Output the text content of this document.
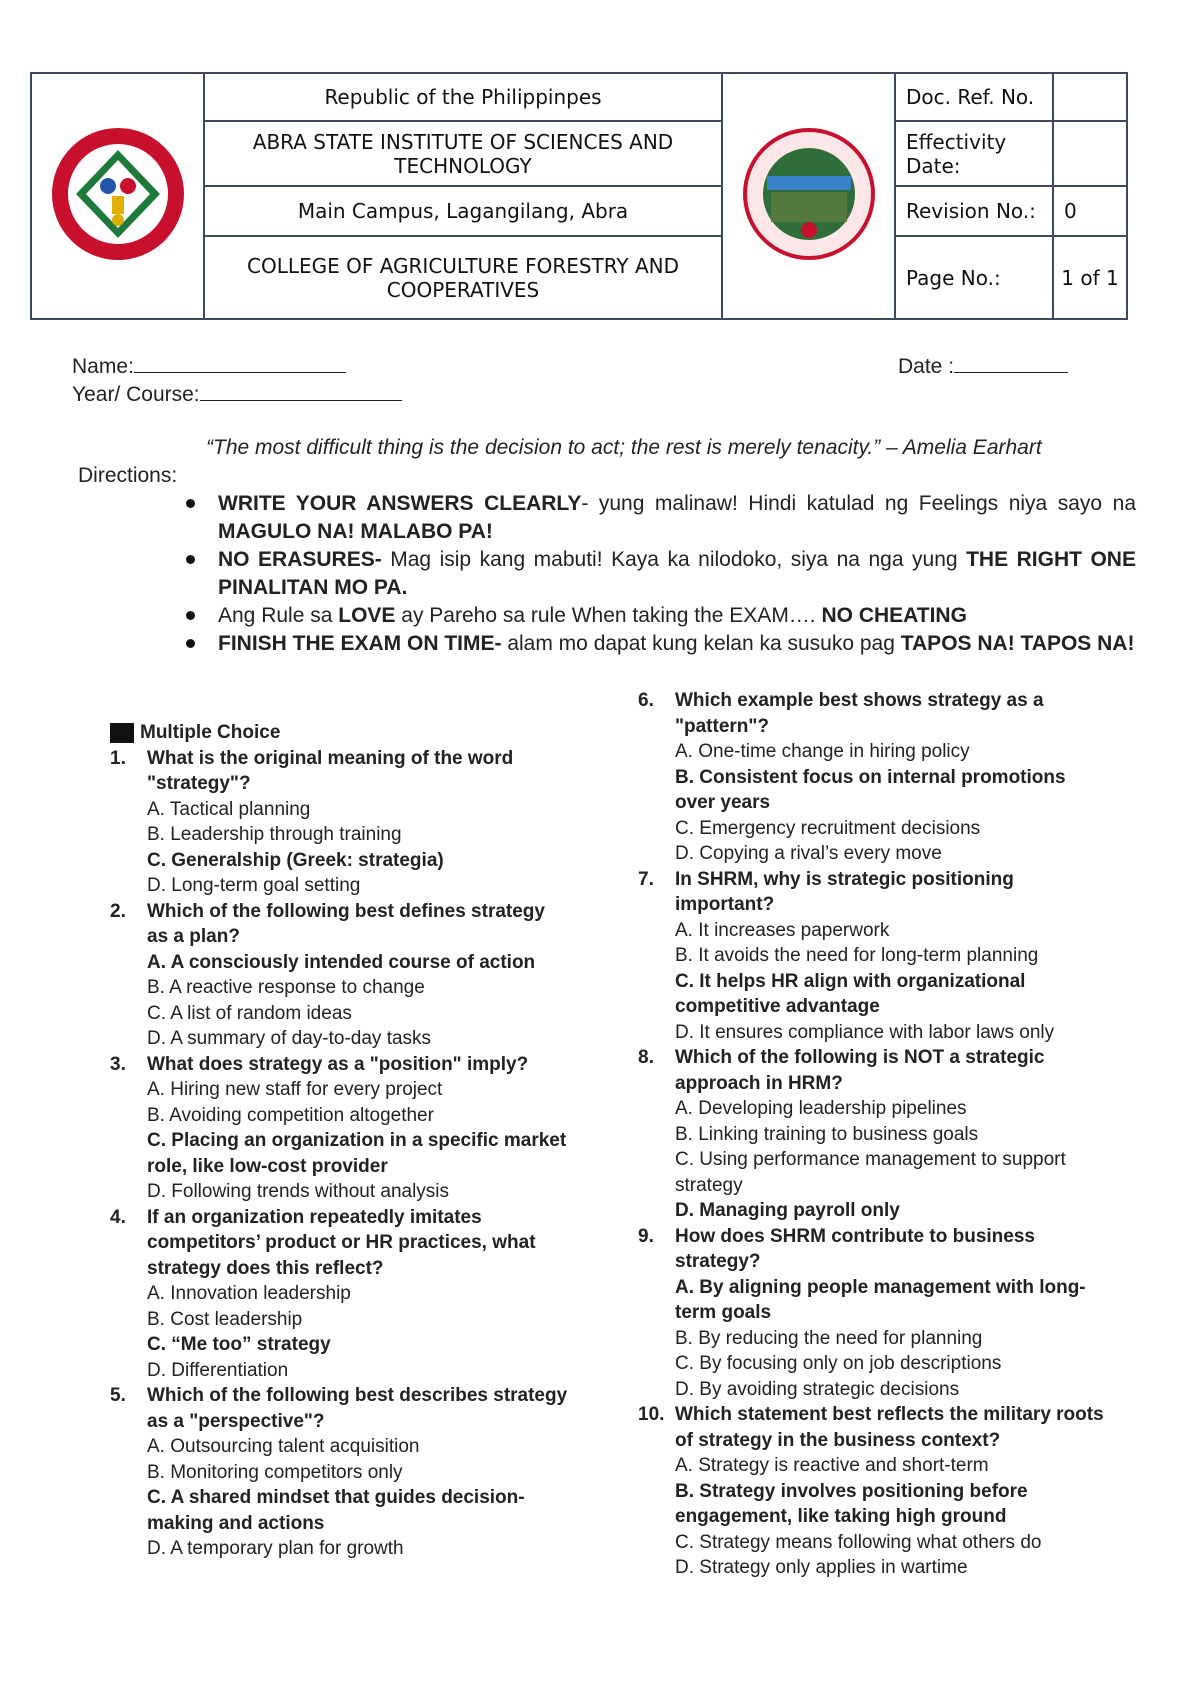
	Republic of the Philippinpes		Doc. Ref. No.	
	ABRA STATE INSTITUTE OF SCIENCES AND TECHNOLOGY		Effectivity Date:	
	Main Campus, Lagangilang, Abra		Revision No.:	0
	COLLEGE OF AGRICULTURE FORESTRY AND COOPERATIVES		Page No.:	1 of 1
Name:	Date :
Year/ Course:
“The most difficult thing is the decision to act; the rest is merely tenacity.” – Amelia Earhart
Directions:
WRITE YOUR ANSWERS CLEARLY- yung malinaw! Hindi katulad ng Feelings niya sayo na MAGULO NA! MALABO PA!
NO ERASURES- Mag isip kang mabuti! Kaya ka nilodoko, siya na nga yung THE RIGHT ONE PINALITAN MO PA.
Ang Rule sa LOVE ay Pareho sa rule When taking the EXAM…. NO CHEATING
FINISH THE EXAM ON TIME- alam mo dapat kung kelan ka susuko pag TAPOS NA! TAPOS NA!
Multiple Choice
1.	What is the original meaning of the word "strategy"?
A. Tactical planning
B. Leadership through training
C. Generalship (Greek: strategia)
D. Long-term goal setting
2.	Which of the following best defines strategy as a plan?
A. A consciously intended course of action
B. A reactive response to change
C. A list of random ideas
D. A summary of day-to-day tasks
3.	What does strategy as a "position" imply?
A. Hiring new staff for every project
B. Avoiding competition altogether
C. Placing an organization in a specific market role, like low-cost provider
D. Following trends without analysis
4.	If an organization repeatedly imitates competitors’ product or HR practices, what strategy does this reflect?
A. Innovation leadership
B. Cost leadership
C. “Me too” strategy
D. Differentiation
5.	Which of the following best describes strategy as a "perspective"?
A. Outsourcing talent acquisition
B. Monitoring competitors only
C. A shared mindset that guides decision-making and actions
D. A temporary plan for growth
6.	Which example best shows strategy as a "pattern"?
A. One-time change in hiring policy
B. Consistent focus on internal promotions over years
C. Emergency recruitment decisions
D. Copying a rival’s every move
7.	In SHRM, why is strategic positioning important?
A. It increases paperwork
B. It avoids the need for long-term planning
C. It helps HR align with organizational competitive advantage
D. It ensures compliance with labor laws only
8.	Which of the following is NOT a strategic approach in HRM?
A. Developing leadership pipelines
B. Linking training to business goals
C. Using performance management to support strategy
D. Managing payroll only
9.	How does SHRM contribute to business strategy?
A. By aligning people management with long-term goals
B. By reducing the need for planning
C. By focusing only on job descriptions
D. By avoiding strategic decisions
10. Which statement best reflects the military roots of strategy in the business context?
A. Strategy is reactive and short-term
B. Strategy involves positioning before engagement, like taking high ground
C. Strategy means following what others do
D. Strategy only applies in wartime
